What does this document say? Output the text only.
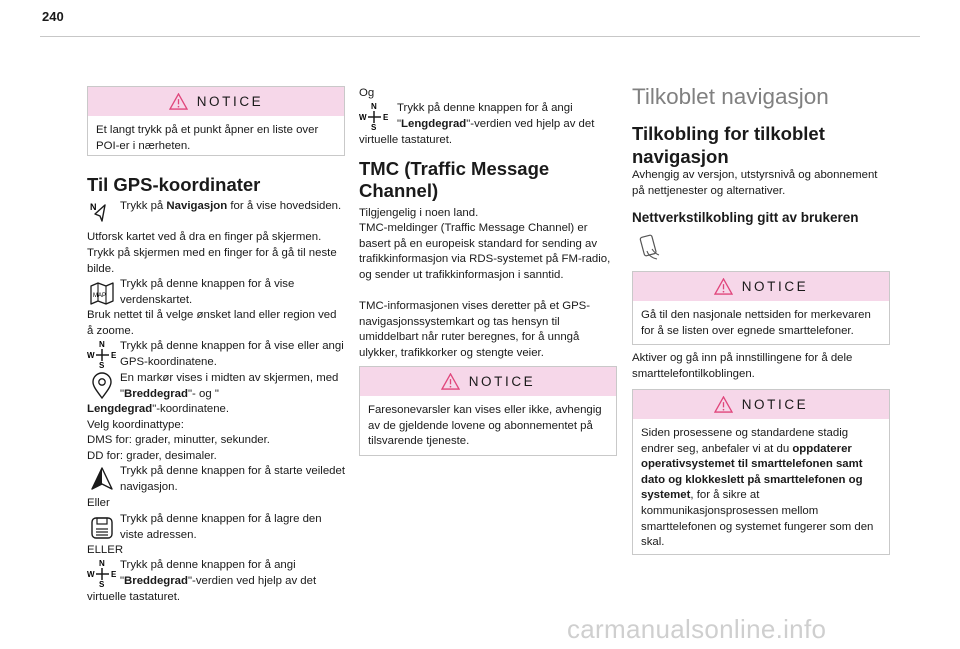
240
NOTICE
Et langt trykk på et punkt åpner en liste over POI-er i nærheten.
Til GPS-koordinater
N Trykk på Navigasjon for å vise hovedsiden.
Utforsk kartet ved å dra en finger på skjermen.
Trykk på skjermen med en finger for å gå til neste bilde.
MAP
Trykk på denne knappen for å vise verdenskartet.
Bruk nettet til å velge ønsket land eller region ved å zoome.
N
S
W E
Trykk på denne knappen for å vise eller angi GPS-koordinatene.
En markør vises i midten av skjermen, med "Breddegrad"- og "
Lengdegrad"-koordinatene.
Velg koordinattype:
DMS for: grader, minutter, sekunder.
DD for: grader, desimaler.
Trykk på denne knappen for å starte veiledet navigasjon.
Eller
Trykk på denne knappen for å lagre den viste adressen.
ELLER
N
S
W E
Trykk på denne knappen for å angi "Breddegrad"-verdien ved hjelp av det
virtuelle tastaturet.
Og
N
S
W E
Trykk på denne knappen for å angi "Lengdegrad"-verdien ved hjelp av det
virtuelle tastaturet.
TMC (Traffic Message Channel)
Tilgjengelig i noen land.
TMC-meldinger (Traffic Message Channel) er basert på en europeisk standard for sending av trafikkinformasjon via RDS-systemet på FM-radio, og sender ut trafikkinformasjon i sanntid.
TMC-informasjonen vises deretter på et GPS-navigasjonssystemkart og tas hensyn til umiddelbart når ruter beregnes, for å unngå ulykker, trafikkorker og stengte veier.
NOTICE
Faresonevarsler kan vises eller ikke, avhengig av de gjeldende lovene og abonnementet på tilsvarende tjeneste.
Tilkoblet navigasjon
Tilkobling for tilkoblet navigasjon
Avhengig av versjon, utstyrsnivå og abonnement på nettjenester og alternativer.
Nettverkstilkobling gitt av brukeren
NOTICE
Gå til den nasjonale nettsiden for merkevaren for å se listen over egnede smarttelefoner.
Aktiver og gå inn på innstillingene for å dele smarttelefontilkoblingen.
NOTICE
Siden prosessene og standardene stadig endrer seg, anbefaler vi at du oppdaterer operativsystemet til smarttelefonen samt dato og klokkeslett på smarttelefonen og systemet, for å sikre at kommunikasjonsprosessen mellom smarttelefonen og systemet fungerer som den skal.
carmanualsonline.info
